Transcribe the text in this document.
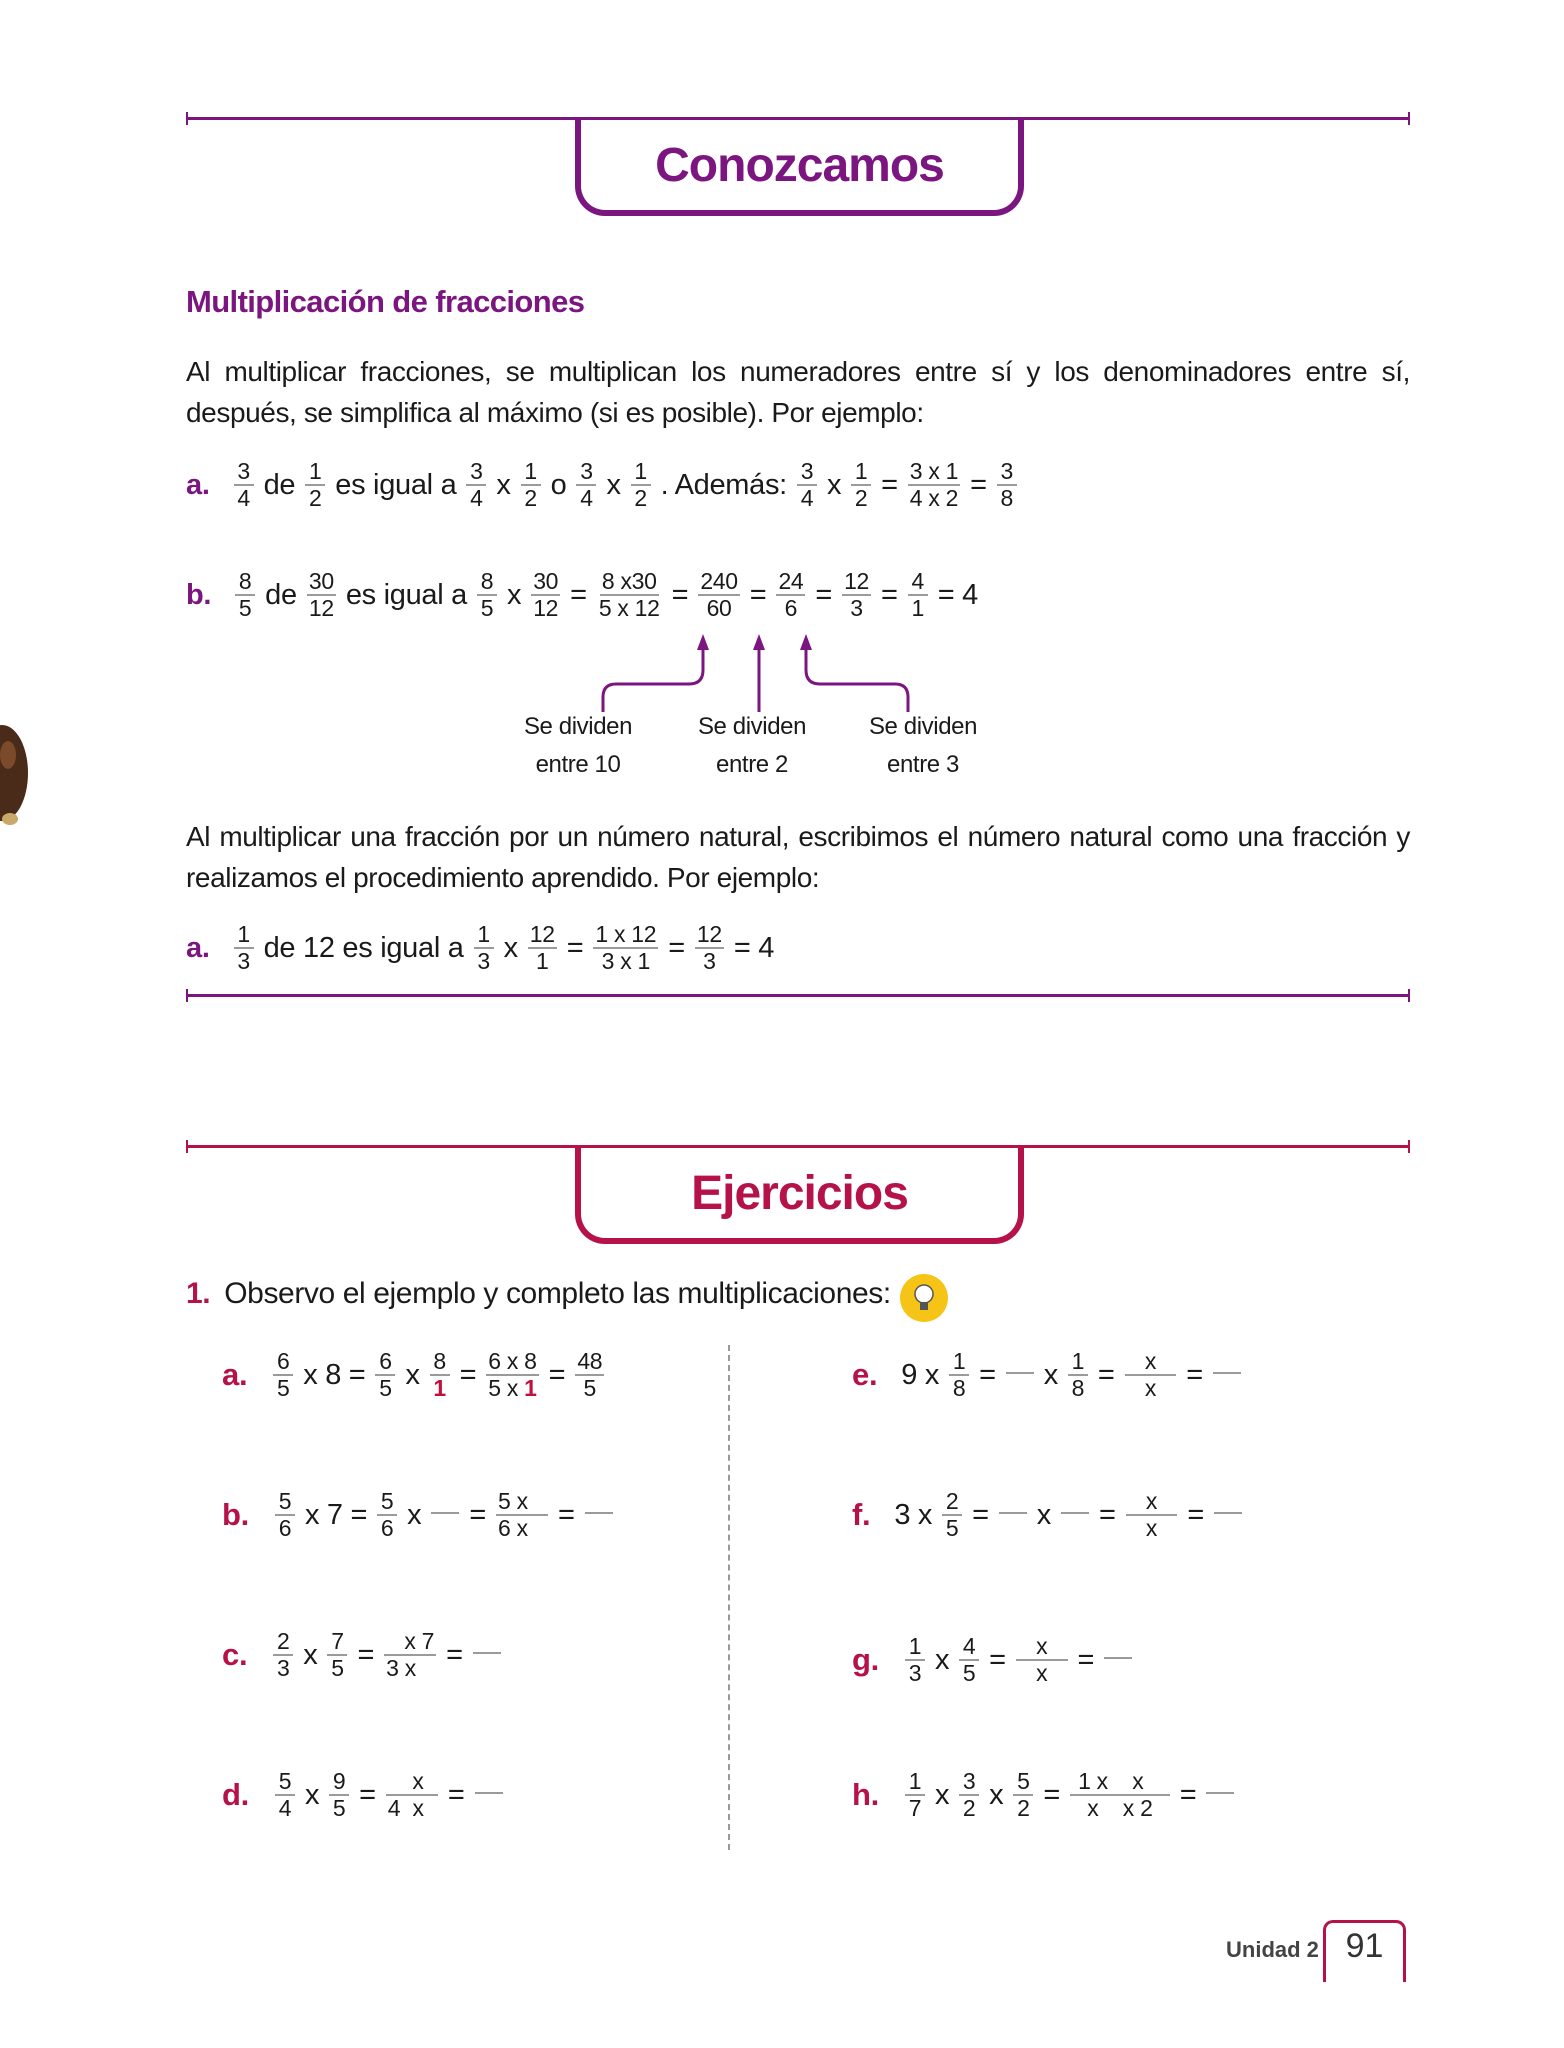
Conozcamos
Multiplicación de fracciones
Al multiplicar fracciones, se multiplican los numeradores entre sí y los denominadores entre sí, después, se simplifica al máximo (si es posible). Por ejemplo:
a. $\frac{3}{4}$ de $\frac{1}{2}$ es igual a $\frac{3}{4}$ x $\frac{1}{2}$ o $\frac{3}{4}$ x $\frac{1}{2}$ . Además: $\frac{3}{4}$ x $\frac{1}{2} = \frac{3 x 1}{4 x 2} = \frac{3}{8}$
b. $\frac{8}{5}$ de $\frac{30}{12}$ es igual a $\frac{8}{5}$ x $\frac{30}{12} = \frac{8 x30}{5 x 12} = \frac{240}{60} = \frac{24}{6} = \frac{12}{3} = \frac{4}{1} = 4$
Se dividen
entre 10
Se dividen
entre 2
Se dividen
entre 3
Al multiplicar una fracción por un número natural, escribimos el número natural como una fracción y realizamos el procedimiento aprendido. Por ejemplo:
a. $\frac{1}{3}$ de 12 es igual a $\frac{1}{3}$ x $\frac{12}{1} = \frac{1 x 12}{3 x 1} = \frac{12}{3} = 4$
Ejercicios
1. Observo el ejemplo y completo las multiplicaciones:
a. $\frac{6}{5}$ x $8 = \frac{6}{5}$ x $\frac{8}{1} = \frac{6 x 8}{5 x 1} = \frac{48}{5}$
b. $\frac{5}{6}$ x $7 = \frac{5}{6}$ $x = \frac{5 x}{6 x}$ =
c. $\frac{2}{3}$ x $\frac{7}{5} = \frac{x 7}{3 x}$ =
d. $\frac{5}{4}$ x $\frac{9}{5} = \frac{x}{4 x}$ =
e. 9 x $\frac{1}{8} = x \frac{1}{8} = \frac{x}{x}$ =
f. 3 x $\frac{2}{5} = x = \frac{x}{x}$ =
g. $\frac{1}{3}$ x $\frac{4}{5} = \frac{x}{x}$ =
h. $\frac{1}{7}$ x $\frac{3}{2}$ x $\frac{5}{2} = \frac{\text{1 x    x}}{\text{x    x 2}}$ =
Unidad 2 91
